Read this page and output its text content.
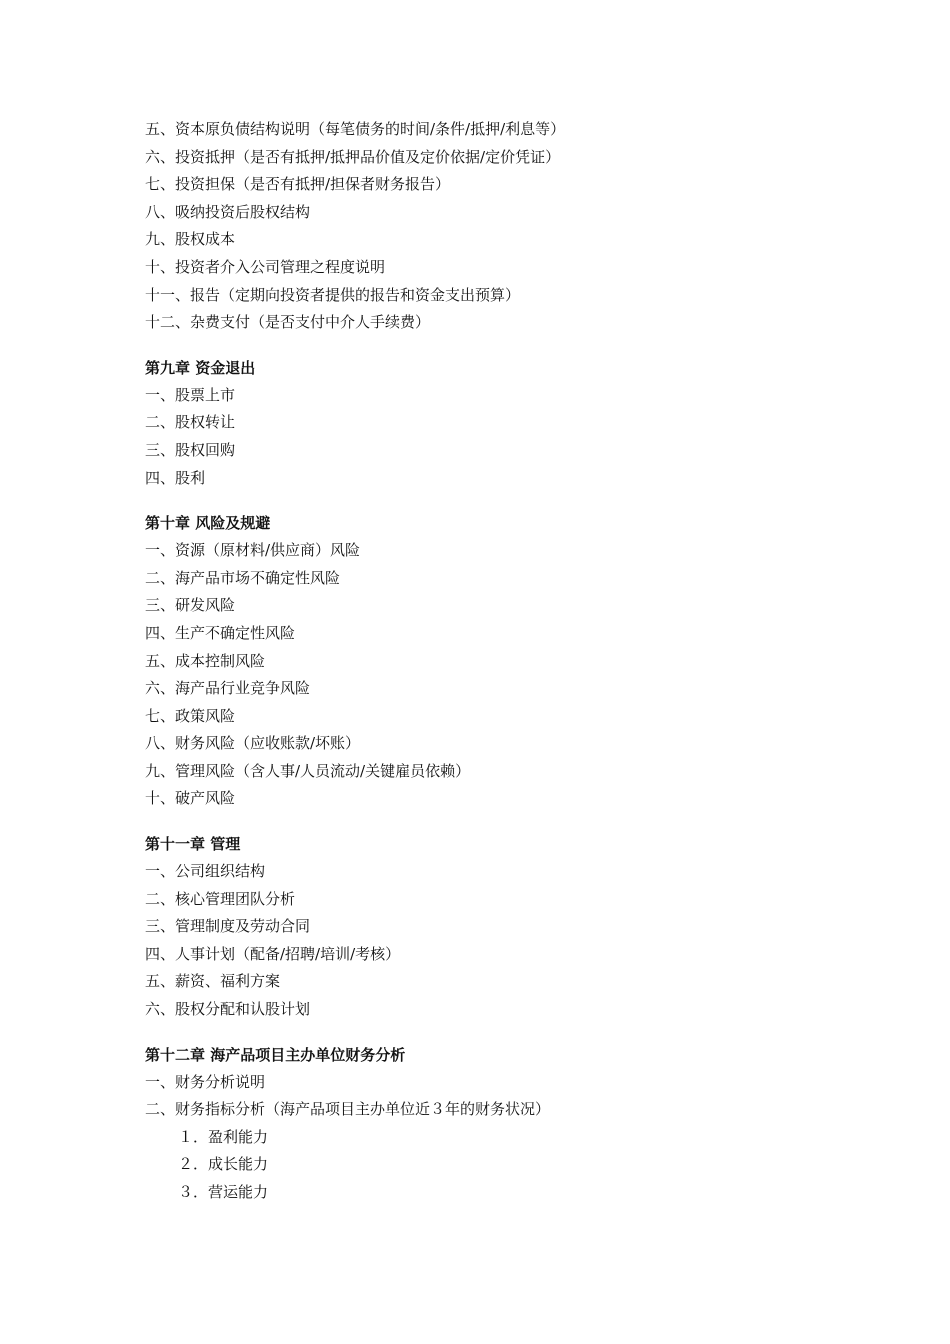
五、资本原负债结构说明（每笔债务的时间/条件/抵押/利息等）
六、投资抵押（是否有抵押/抵押品价值及定价依据/定价凭证）
七、投资担保（是否有抵押/担保者财务报告）
八、吸纳投资后股权结构
九、股权成本
十、投资者介入公司管理之程度说明
十一、报告（定期向投资者提供的报告和资金支出预算）
十二、杂费支付（是否支付中介人手续费）
第九章 资金退出
一、股票上市
二、股权转让
三、股权回购
四、股利
第十章 风险及规避
一、资源（原材料/供应商）风险
二、海产品市场不确定性风险
三、研发风险
四、生产不确定性风险
五、成本控制风险
六、海产品行业竞争风险
七、政策风险
八、财务风险（应收账款/坏账）
九、管理风险（含人事/人员流动/关键雇员依赖）
十、破产风险
第十一章 管理
一、公司组织结构
二、核心管理团队分析
三、管理制度及劳动合同
四、人事计划（配备/招聘/培训/考核）
五、薪资、福利方案
六、股权分配和认股计划
第十二章 海产品项目主办单位财务分析
一、财务分析说明
二、财务指标分析（海产品项目主办单位近３年的财务状况）
１．盈利能力
２．成长能力
３．营运能力
